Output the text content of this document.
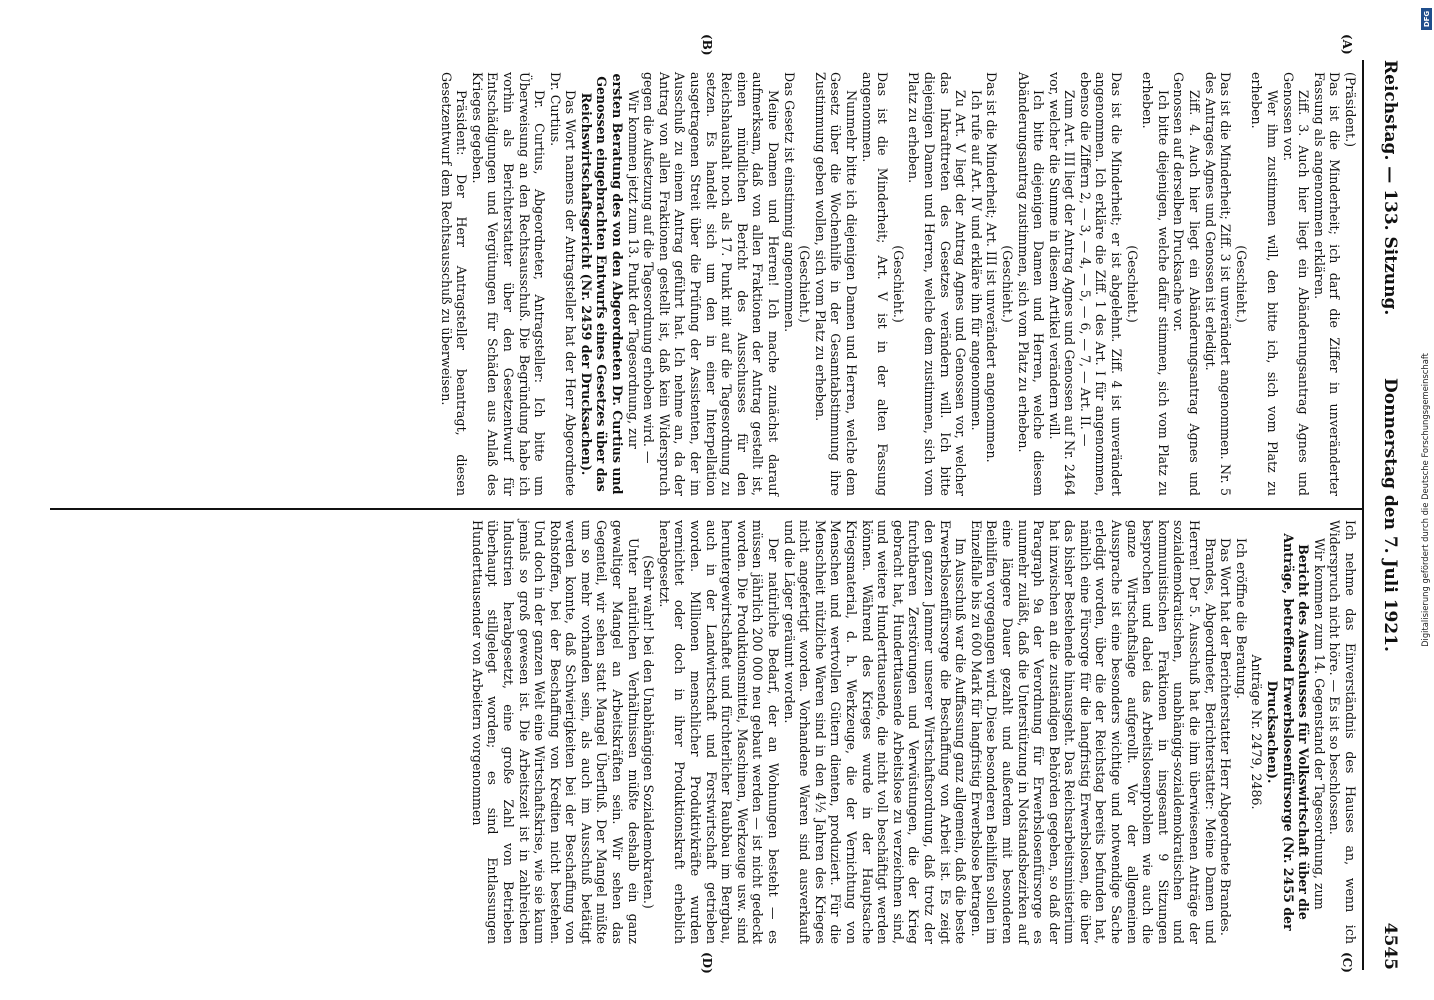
Reichstag. — 133. Sitzung.
Donnerstag den 7. Juli 1921.
4545
(A)
(B)
(C)
(D)

(Präsident.)

Das ist die Minderheit; ich darf die Ziffer in unveränderter Fassung als angenommen erklären.

Ziff. 3. Auch hier liegt ein Abänderungsantrag Agnes und Genossen vor.

Wer ihm zustimmen will, den bitte ich, sich vom Platz zu erheben.

(Geschieht.)

Das ist die Minderheit; Ziff. 3 ist unverändert angenommen. Nr. 5 des Antrages Agnes und Genossen ist erledigt.

Ziff. 4. Auch hier liegt ein Abänderungsantrag Agnes und Genossen auf derselben Drucksache vor.

Ich bitte diejenigen, welche dafür stimmen, sich vom Platz zu erheben.

(Geschieht.)

Das ist die Minderheit; er ist abgelehnt. Ziff. 4 ist unverändert angenommen. Ich erkläre die Ziff. 1 des Art. I für angenommen, ebenso die Ziffern 2, — 3, — 4, — 5, — 6, — 7, — Art. II. —

Zum Art. III liegt der Antrag Agnes und Genossen auf Nr. 2464 vor, welcher die Summe in diesem Artikel verändern will.

Ich bitte diejenigen Damen und Herren, welche diesem Abänderungsantrag zustimmen, sich vom Platz zu erheben.

(Geschieht.)

Das ist die Minderheit; Art. III ist unverändert angenommen.

Ich rufe auf Art. IV und erkläre ihn für angenommen.

Zu Art. V liegt der Antrag Agnes und Genossen vor, welcher das Inkrafttreten des Gesetzes verändern will. Ich bitte diejenigen Damen und Herren, welche dem zustimmen, sich vom Platz zu erheben.

(Geschieht.)

Das ist die Minderheit; Art. V ist in der alten Fassung angenommen.

Nunmehr bitte ich diejenigen Damen und Herren, welche dem Gesetz über die Wochenhilfe in der Gesamtabstimmung ihre Zustimmung geben wollen, sich vom Platz zu erheben.

(Geschieht.)

Das Gesetz ist einstimmig angenommen.

Meine Damen und Herren! Ich mache zunächst darauf aufmerksam, daß von allen Fraktionen der Antrag gestellt ist, einen mündlichen Bericht des Ausschusses für den Reichshaushalt noch als 17. Punkt mit auf die Tagesordnung zu setzen. Es handelt sich um den in einer Interpellation ausgetragenen Streit über die Prüfung der Assistenten, der im Ausschuß zu einem Antrag geführt hat. Ich nehme an, da der Antrag von allen Fraktionen gestellt ist, daß kein Widerspruch gegen die Aufsetzung auf die Tagesordnung erhoben wird. —

Wir kommen jetzt zum 13. Punkt der Tagesordnung, zur

ersten Beratung des von den Abgeordneten Dr. Curtius und Genossen eingebrachten Entwurfs eines Gesetzes über das Reichswirtschaftsgericht (Nr. 2459 der Drucksachen).

Das Wort namens der Antragsteller hat der Herr Abgeordnete Dr. Curtius.

Dr. Curtius, Abgeordneter, Antragsteller: Ich bitte um Überweisung an den Rechtsausschuß. Die Begründung habe ich vorhin als Berichterstatter über den Gesetzentwurf für Entschädigungen und Vergütungen für Schäden aus Anlaß des Krieges gegeben.

Präsident: Der Herr Antragsteller beantragt, diesen Gesetzentwurf dem Rechtsausschuß zu überweisen.

Ich nehme das Einverständnis des Hauses an, wenn ich Widerspruch nicht höre. — Es ist so beschlossen.

Wir kommen zum 14. Gegenstand der Tagesordnung, zum

Bericht des Ausschusses für Volkswirtschaft über die Anträge, betreffend Erwerbslosenfürsorge (Nr. 2455 der Drucksachen).

Anträge Nr. 2479, 2486.

Ich eröffne die Beratung.

Das Wort hat der Berichterstatter Herr Abgeordnete Brandes.

Brandes, Abgeordneter, Berichterstatter: Meine Damen und Herren! Der 5. Ausschuß hat die ihm überwiesenen Anträge der sozialdemokratischen, unabhängig-sozialdemokratischen und kommunistischen Fraktionen in insgesamt 9 Sitzungen besprochen und dabei das Arbeitslosenproblem wie auch die ganze Wirtschaftslage aufgerollt. Vor der allgemeinen Aussprache ist eine besonders wichtige und notwendige Sache erledigt worden, über die der Reichstag bereits befunden hat, nämlich eine Fürsorge für die langfristig Erwerbslosen, die über das bisher Bestehende hinausgeht. Das Reichsarbeitsministerium hat inzwischen an die zuständigen Behörden gegeben, so daß der Paragraph 9a der Verordnung für Erwerbslosenfürsorge es nunmehr zuläßt, daß die Unterstützung in Notstandsbezirken auf eine längere Dauer gezahlt und außerdem mit besonderen Beihilfen vorgegangen wird. Diese besonderen Beihilfen sollen im Einzelfalle bis zu 600 Mark für langfristig Erwerbslose betragen.

Im Ausschuß war die Auffassung ganz allgemein, daß die beste Erwerbslosenfürsorge die Beschaffung von Arbeit ist. Es zeigt den ganzen Jammer unserer Wirtschaftsordnung, daß trotz der furchtbaren Zerstörungen und Verwüstungen, die der Krieg gebracht hat, Hunderttausende Arbeitslose zu verzeichnen sind, und weitere Hunderttausende, die nicht voll beschäftigt werden können. Während des Krieges wurde in der Hauptsache Kriegsmaterial, d. h. Werkzeuge, die der Vernichtung von Menschen und wertvollen Gütern dienten, produziert. Für die Menschheit nützliche Waren sind in den 4½ Jahren des Krieges nicht angefertigt worden. Vorhandene Waren sind ausverkauft und die Läger geräumt worden.

Der natürliche Bedarf, der an Wohnungen besteht — es müssen jährlich 200 000 neu gebaut werden — ist nicht gedeckt worden. Die Produktionsmittel, Maschinen, Werkzeuge usw. sind heruntergewirtschaftet und fürchterlicher Raubbau im Bergbau, auch in der Landwirtschaft und Forstwirtschaft getrieben worden. Millionen menschlicher Produktivkräfte wurden vernichtet oder doch in ihrer Produktionskraft erheblich herabgesetzt.

(Sehr wahr! bei den Unabhängigen Sozialdemokraten.)

Unter natürlichen Verhältnissen müßte deshalb ein ganz gewaltiger Mangel an Arbeitskräften sein. Wir sehen das Gegenteil, wir sehen statt Mangel Überfluß. Der Mangel müßte um so mehr vorhanden sein, als auch im Ausschuß betätigt werden konnte, daß Schwierigkeiten bei der Beschaffung von Rohstoffen, bei der Beschaffung von Krediten nicht bestehen. Und doch in der ganzen Welt eine Wirtschaftskrise, wie sie kaum jemals so groß gewesen ist. Die Arbeitszeit ist in zahlreichen Industrien herabgesetzt, eine große Zahl von Betrieben überhaupt stillgelegt worden; es sind Entlassungen Hunderttausender von Arbeitern vorgenommen

Digitalisierung gefördert durch die Deutsche Forschungsgemeinschaft
DFG
